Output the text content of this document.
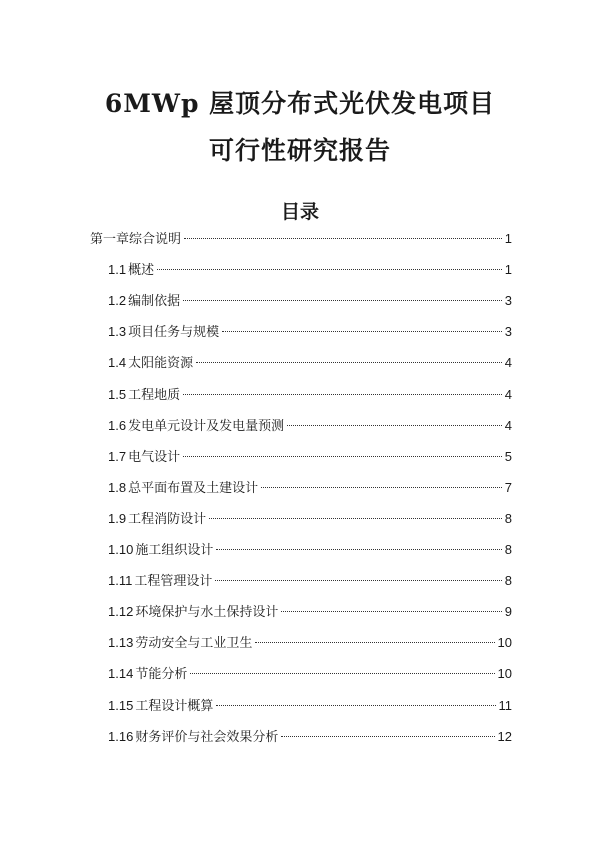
6MWp 屋顶分布式光伏发电项目
可行性研究报告
目录
第一章综合说明	1
1.1 概述	1
1.2 编制依据	3
1.3 项目任务与规模	3
1.4 太阳能资源	4
1.5 工程地质	4
1.6 发电单元设计及发电量预测	4
1.7 电气设计	5
1.8 总平面布置及土建设计	7
1.9 工程消防设计	8
1.10 施工组织设计	8
1.11 工程管理设计	8
1.12 环境保护与水土保持设计	9
1.13 劳动安全与工业卫生	10
1.14 节能分析	10
1.15 工程设计概算	11
1.16 财务评价与社会效果分析	12
